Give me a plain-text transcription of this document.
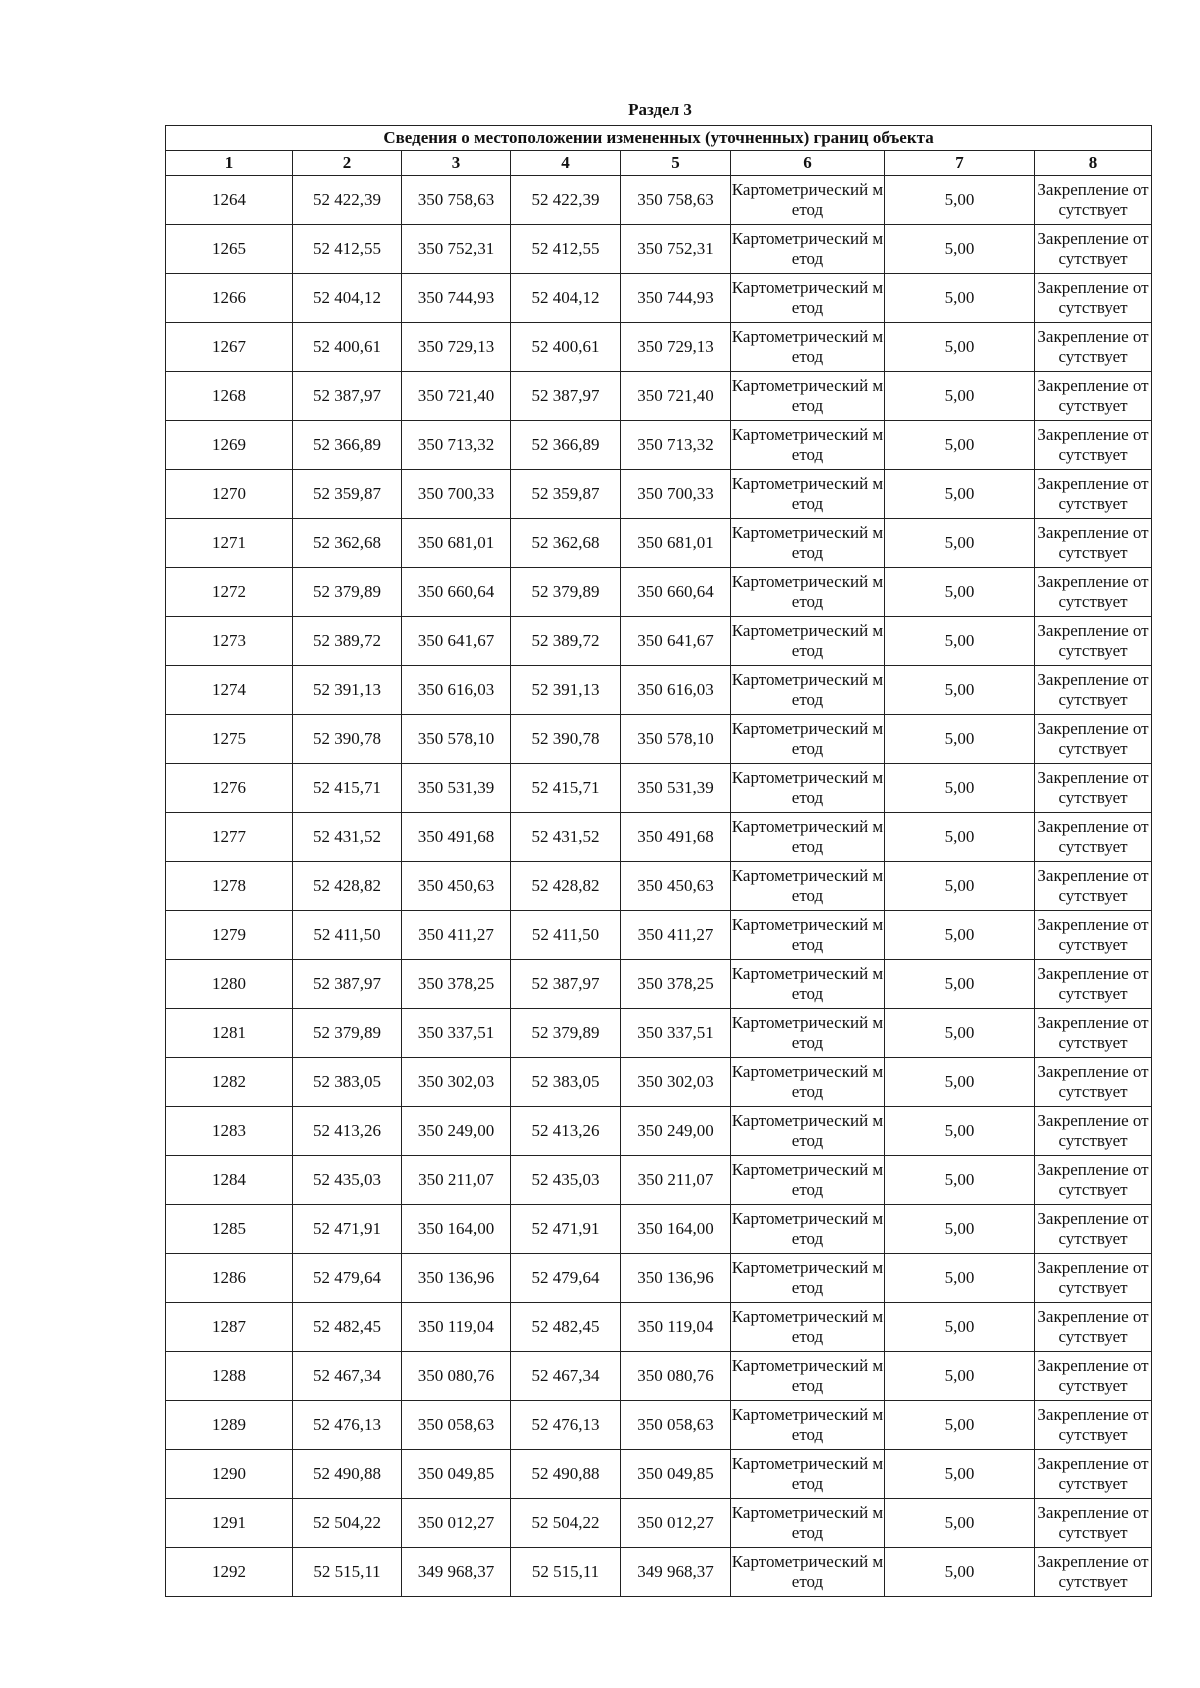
Раздел 3
Сведения о местоположении измененных (уточненных) границ объекта							
1	2	3	4	5	6	7	8
1264	52 422,39	350 758,63	52 422,39	350 758,63	Картометрический метод	5,00	Закрепление отсутствует
1265	52 412,55	350 752,31	52 412,55	350 752,31	Картометрический метод	5,00	Закрепление отсутствует
1266	52 404,12	350 744,93	52 404,12	350 744,93	Картометрический метод	5,00	Закрепление отсутствует
1267	52 400,61	350 729,13	52 400,61	350 729,13	Картометрический метод	5,00	Закрепление отсутствует
1268	52 387,97	350 721,40	52 387,97	350 721,40	Картометрический метод	5,00	Закрепление отсутствует
1269	52 366,89	350 713,32	52 366,89	350 713,32	Картометрический метод	5,00	Закрепление отсутствует
1270	52 359,87	350 700,33	52 359,87	350 700,33	Картометрический метод	5,00	Закрепление отсутствует
1271	52 362,68	350 681,01	52 362,68	350 681,01	Картометрический метод	5,00	Закрепление отсутствует
1272	52 379,89	350 660,64	52 379,89	350 660,64	Картометрический метод	5,00	Закрепление отсутствует
1273	52 389,72	350 641,67	52 389,72	350 641,67	Картометрический метод	5,00	Закрепление отсутствует
1274	52 391,13	350 616,03	52 391,13	350 616,03	Картометрический метод	5,00	Закрепление отсутствует
1275	52 390,78	350 578,10	52 390,78	350 578,10	Картометрический метод	5,00	Закрепление отсутствует
1276	52 415,71	350 531,39	52 415,71	350 531,39	Картометрический метод	5,00	Закрепление отсутствует
1277	52 431,52	350 491,68	52 431,52	350 491,68	Картометрический метод	5,00	Закрепление отсутствует
1278	52 428,82	350 450,63	52 428,82	350 450,63	Картометрический метод	5,00	Закрепление отсутствует
1279	52 411,50	350 411,27	52 411,50	350 411,27	Картометрический метод	5,00	Закрепление отсутствует
1280	52 387,97	350 378,25	52 387,97	350 378,25	Картометрический метод	5,00	Закрепление отсутствует
1281	52 379,89	350 337,51	52 379,89	350 337,51	Картометрический метод	5,00	Закрепление отсутствует
1282	52 383,05	350 302,03	52 383,05	350 302,03	Картометрический метод	5,00	Закрепление отсутствует
1283	52 413,26	350 249,00	52 413,26	350 249,00	Картометрический метод	5,00	Закрепление отсутствует
1284	52 435,03	350 211,07	52 435,03	350 211,07	Картометрический метод	5,00	Закрепление отсутствует
1285	52 471,91	350 164,00	52 471,91	350 164,00	Картометрический метод	5,00	Закрепление отсутствует
1286	52 479,64	350 136,96	52 479,64	350 136,96	Картометрический метод	5,00	Закрепление отсутствует
1287	52 482,45	350 119,04	52 482,45	350 119,04	Картометрический метод	5,00	Закрепление отсутствует
1288	52 467,34	350 080,76	52 467,34	350 080,76	Картометрический метод	5,00	Закрепление отсутствует
1289	52 476,13	350 058,63	52 476,13	350 058,63	Картометрический метод	5,00	Закрепление отсутствует
1290	52 490,88	350 049,85	52 490,88	350 049,85	Картометрический метод	5,00	Закрепление отсутствует
1291	52 504,22	350 012,27	52 504,22	350 012,27	Картометрический метод	5,00	Закрепление отсутствует
1292	52 515,11	349 968,37	52 515,11	349 968,37	Картометрический метод	5,00	Закрепление отсутствует
